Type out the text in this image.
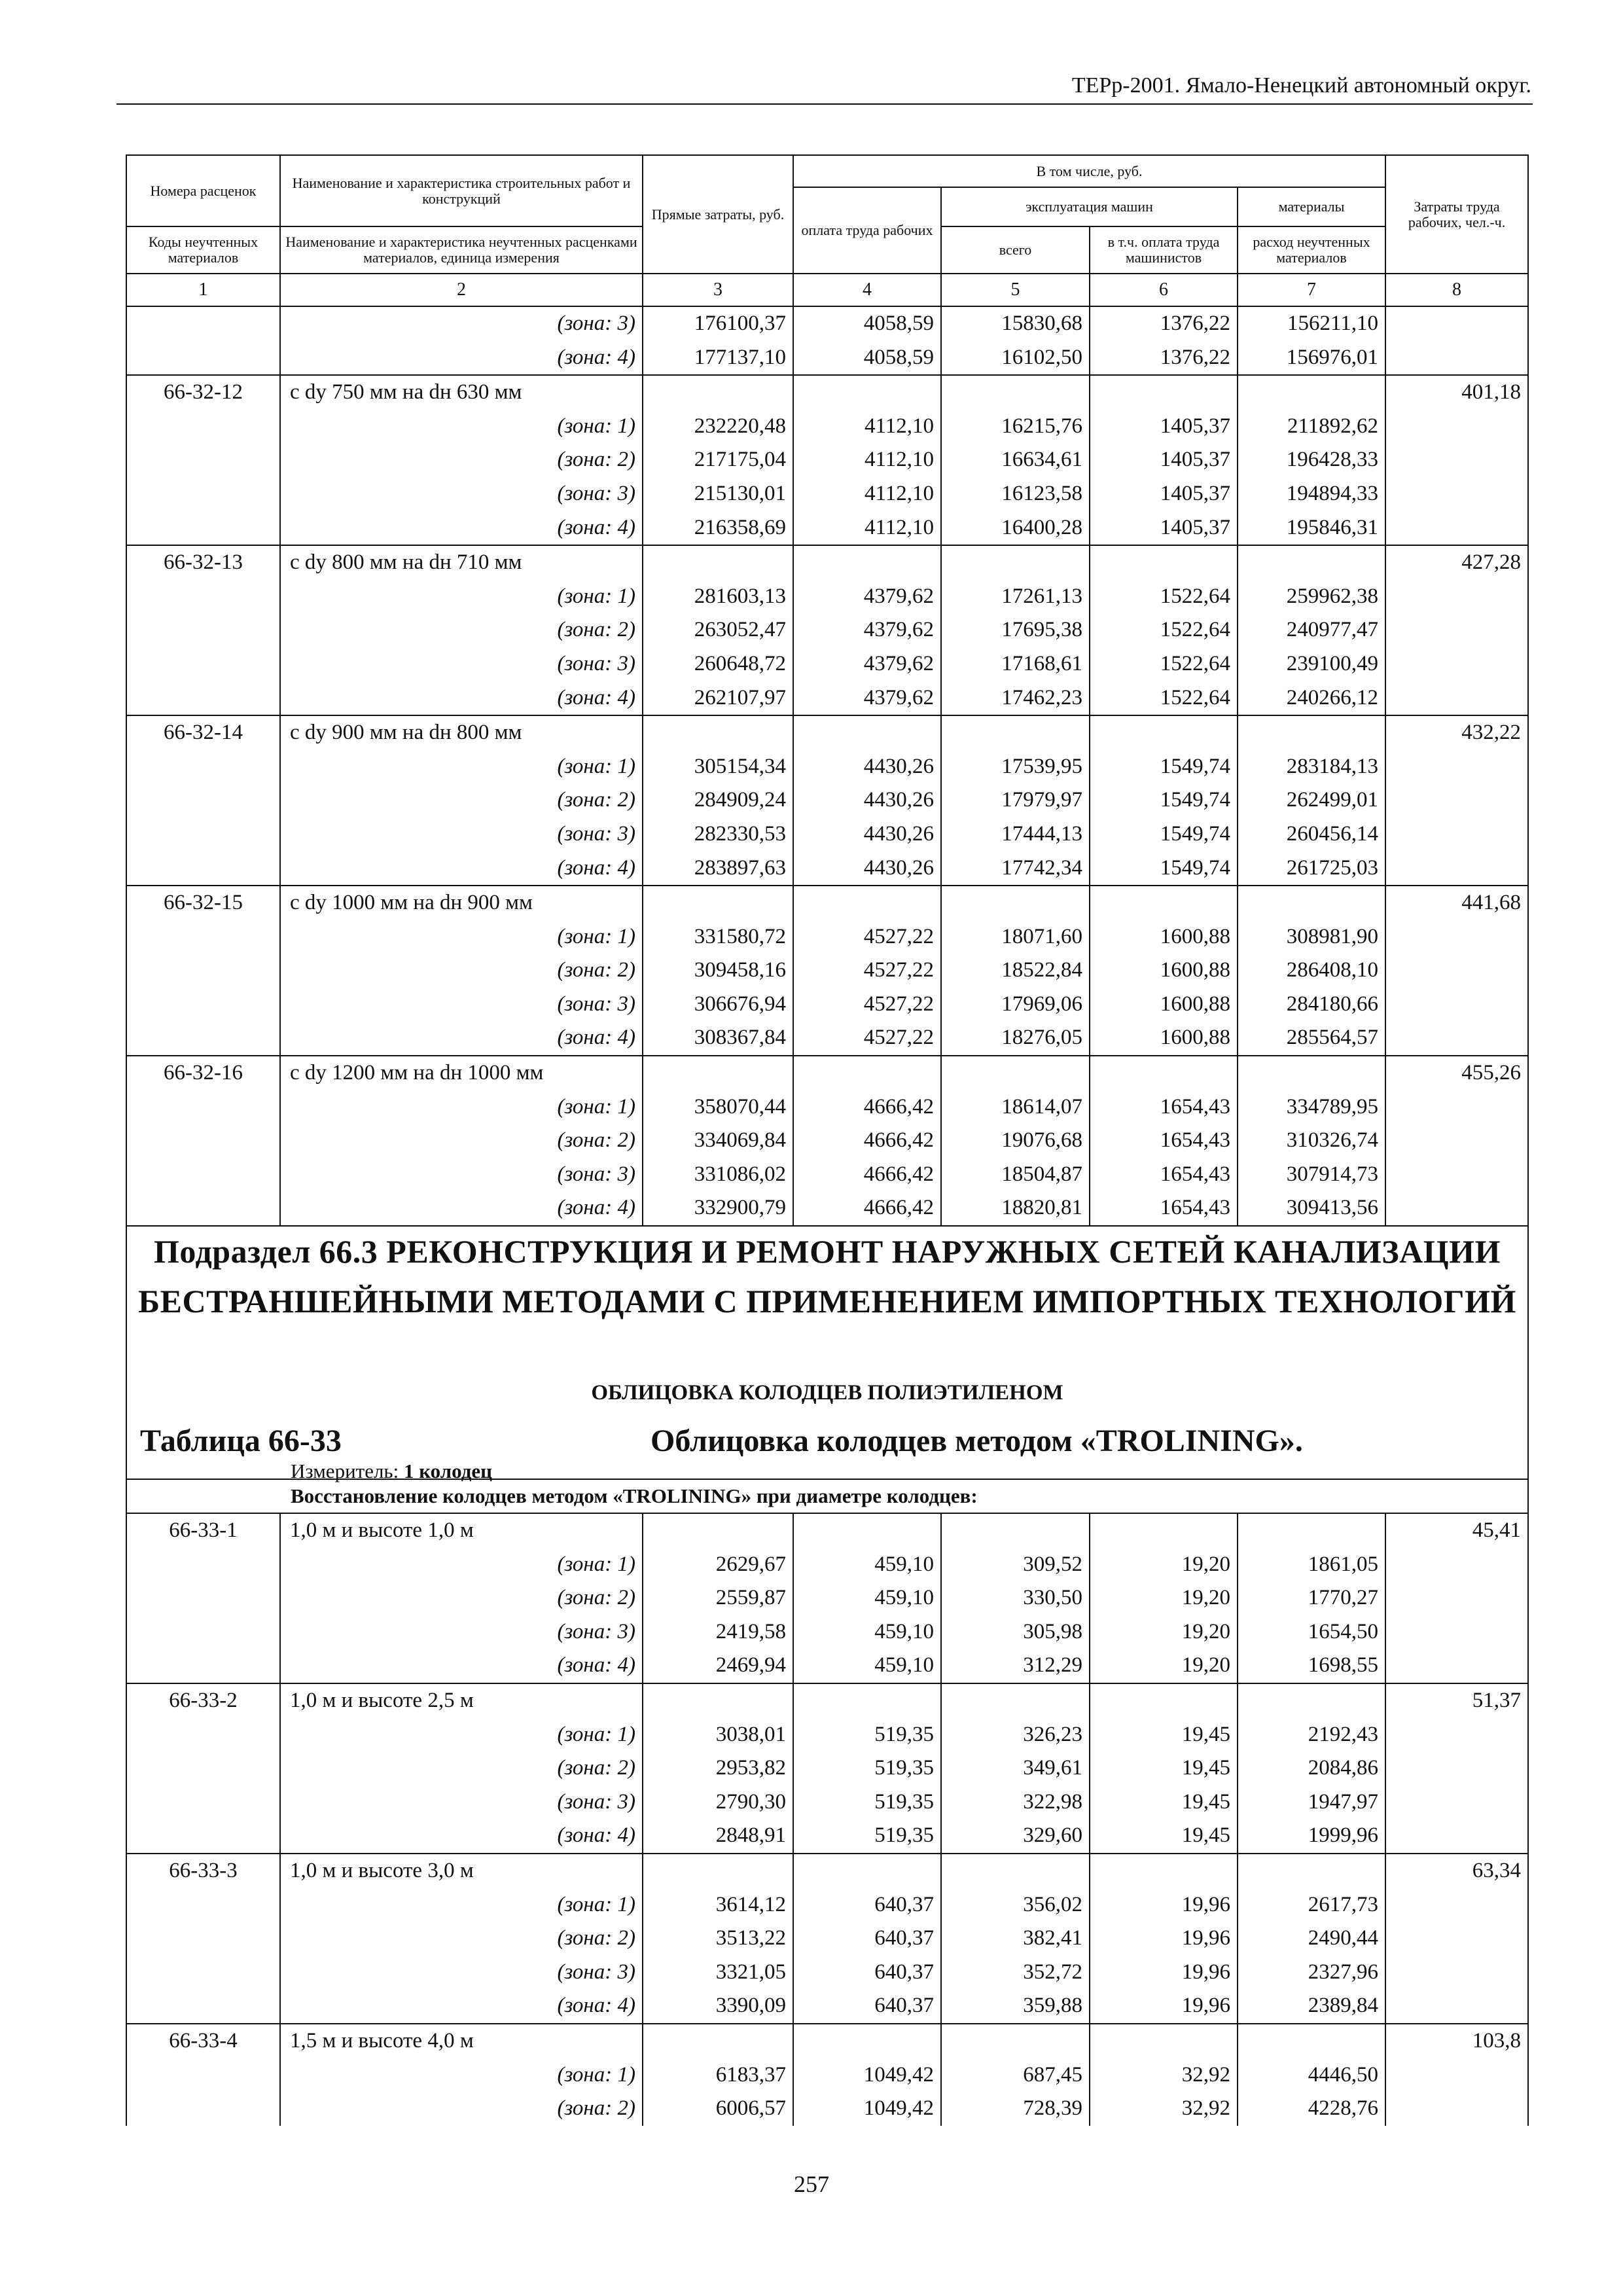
ТЕРр-2001. Ямало-Ненецкий автономный округ.
Номера расценок	Наименование и характеристика строительных работ и конструкций	Прямые затраты, руб.	В том числе, руб.				Затраты труда рабочих, чел.-ч.
			оплата труда рабочих	эксплуатация машин		материалы	
Коды неучтенных материалов	Наименование и характеристика неучтенных расценками материалов, единица измерения			всего	в т.ч. оплата труда машинистов	расход неучтенных материалов	
1	2	3	4	5	6	7	8
	(зона: 3)	176100,37	4058,59	15830,68	1376,22	156211,10	
	(зона: 4)	177137,10	4058,59	16102,50	1376,22	156976,01	
66-32-12	с dу 750 мм на dн 630 мм						401,18
	(зона: 1)	232220,48	4112,10	16215,76	1405,37	211892,62	
	(зона: 2)	217175,04	4112,10	16634,61	1405,37	196428,33	
	(зона: 3)	215130,01	4112,10	16123,58	1405,37	194894,33	
	(зона: 4)	216358,69	4112,10	16400,28	1405,37	195846,31	
66-32-13	с dу 800 мм на dн 710 мм						427,28
	(зона: 1)	281603,13	4379,62	17261,13	1522,64	259962,38	
	(зона: 2)	263052,47	4379,62	17695,38	1522,64	240977,47	
	(зона: 3)	260648,72	4379,62	17168,61	1522,64	239100,49	
	(зона: 4)	262107,97	4379,62	17462,23	1522,64	240266,12	
66-32-14	с dу 900 мм на dн 800 мм						432,22
	(зона: 1)	305154,34	4430,26	17539,95	1549,74	283184,13	
	(зона: 2)	284909,24	4430,26	17979,97	1549,74	262499,01	
	(зона: 3)	282330,53	4430,26	17444,13	1549,74	260456,14	
	(зона: 4)	283897,63	4430,26	17742,34	1549,74	261725,03	
66-32-15	с dу 1000 мм на dн 900 мм						441,68
	(зона: 1)	331580,72	4527,22	18071,60	1600,88	308981,90	
	(зона: 2)	309458,16	4527,22	18522,84	1600,88	286408,10	
	(зона: 3)	306676,94	4527,22	17969,06	1600,88	284180,66	
	(зона: 4)	308367,84	4527,22	18276,05	1600,88	285564,57	
66-32-16	с dу 1200 мм на dн 1000 мм						455,26
	(зона: 1)	358070,44	4666,42	18614,07	1654,43	334789,95	
	(зона: 2)	334069,84	4666,42	19076,68	1654,43	310326,74	
	(зона: 3)	331086,02	4666,42	18504,87	1654,43	307914,73	
	(зона: 4)	332900,79	4666,42	18820,81	1654,43	309413,56	
Подраздел 66.3 РЕКОНСТРУКЦИЯ И РЕМОНТ НАРУЖНЫХ СЕТЕЙ КАНАЛИЗАЦИИ
БЕСТРАНШЕЙНЫМИ МЕТОДАМИ С ПРИМЕНЕНИЕМ ИМПОРТНЫХ ТЕХНОЛОГИЙ
ОБЛИЦОВКА КОЛОДЦЕВ ПОЛИЭТИЛЕНОМ
Таблица 66-33	Облицовка колодцев методом «TROLINING».
Измеритель: 1 колодец
Восстановление колодцев методом «TROLINING» при диаметре колодцев:
66-33-1	1,0 м и высоте 1,0 м						45,41
	(зона: 1)	2629,67	459,10	309,52	19,20	1861,05	
	(зона: 2)	2559,87	459,10	330,50	19,20	1770,27	
	(зона: 3)	2419,58	459,10	305,98	19,20	1654,50	
	(зона: 4)	2469,94	459,10	312,29	19,20	1698,55	
66-33-2	1,0 м и высоте 2,5 м						51,37
	(зона: 1)	3038,01	519,35	326,23	19,45	2192,43	
	(зона: 2)	2953,82	519,35	349,61	19,45	2084,86	
	(зона: 3)	2790,30	519,35	322,98	19,45	1947,97	
	(зона: 4)	2848,91	519,35	329,60	19,45	1999,96	
66-33-3	1,0 м и высоте 3,0 м						63,34
	(зона: 1)	3614,12	640,37	356,02	19,96	2617,73	
	(зона: 2)	3513,22	640,37	382,41	19,96	2490,44	
	(зона: 3)	3321,05	640,37	352,72	19,96	2327,96	
	(зона: 4)	3390,09	640,37	359,88	19,96	2389,84	
66-33-4	1,5 м и высоте 4,0 м						103,8
	(зона: 1)	6183,37	1049,42	687,45	32,92	4446,50	
	(зона: 2)	6006,57	1049,42	728,39	32,92	4228,76	
257
